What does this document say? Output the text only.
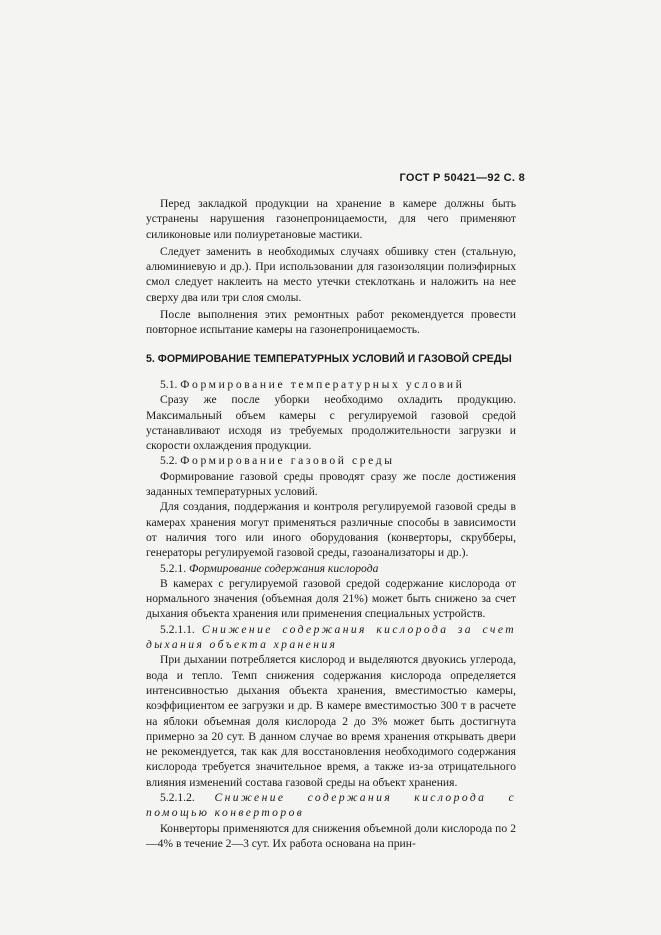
ГОСТ Р 50421—92 С. 8

Перед закладкой продукции на хранение в камере должны быть устранены нарушения газонепроницаемости, для чего применяют силиконовые или полиуретановые мастики.

Следует заменить в необходимых случаях обшивку стен (стальную, алюминиевую и др.). При использовании для газоизоляции полиэфирных смол следует наклеить на место утечки стеклоткань и наложить на нее сверху два или три слоя смолы.

После выполнения этих ремонтных работ рекомендуется провести повторное испытание камеры на газонепроницаемость.

5. ФОРМИРОВАНИЕ ТЕМПЕРАТУРНЫХ УСЛОВИЙ И ГАЗОВОЙ СРЕДЫ

5.1. Формирование температурных условий

Сразу же после уборки необходимо охладить продукцию. Максимальный объем камеры с регулируемой газовой средой устанавливают исходя из требуемых продолжительности загрузки и скорости охлаждения продукции.

5.2. Формирование газовой среды

Формирование газовой среды проводят сразу же после достижения заданных температурных условий.

Для создания, поддержания и контроля регулируемой газовой среды в камерах хранения могут применяться различные способы в зависимости от наличия того или иного оборудования (конверторы, скрубберы, генераторы регулируемой газовой среды, газоанализаторы и др.).

5.2.1. Формирование содержания кислорода

В камерах с регулируемой газовой средой содержание кислорода от нормального значения (объемная доля 21%) может быть снижено за счет дыхания объекта хранения или применения специальных устройств.

5.2.1.1. Снижение содержания кислорода за счет дыхания объекта хранения

При дыхании потребляется кислород и выделяются двуокись углерода, вода и тепло. Темп снижения содержания кислорода определяется интенсивностью дыхания объекта хранения, вместимостью камеры, коэффициентом ее загрузки и др. В камере вместимостью 300 т в расчете на яблоки объемная доля кислорода 2 до 3% может быть достигнута примерно за 20 сут. В данном случае во время хранения открывать двери не рекомендуется, так как для восстановления необходимого содержания кислорода требуется значительное время, а также из-за отрицательного влияния изменений состава газовой среды на объект хранения.

5.2.1.2. Снижение содержания кислорода с помощью конверторов

Конверторы применяются для снижения объемной доли кислорода по 2—4% в течение 2—3 сут. Их работа основана на прин-
